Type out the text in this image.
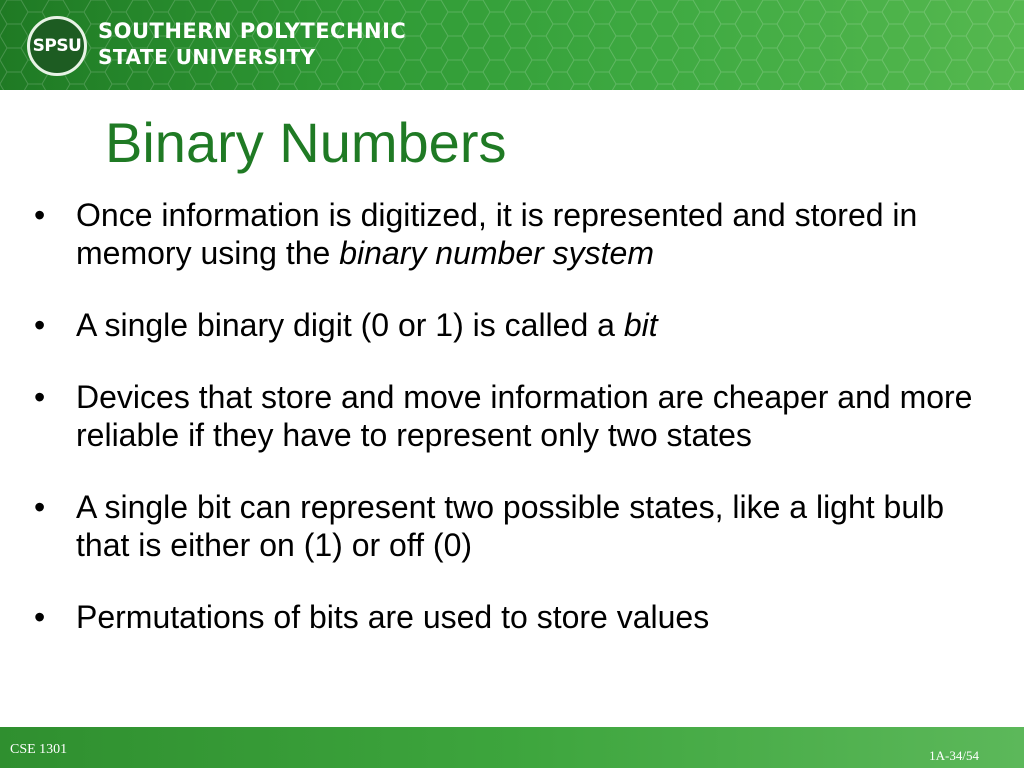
SPSU
SOUTHERN POLYTECHNIC
STATE UNIVERSITY
Binary Numbers
• Once information is digitized, it is represented and stored in memory using the binary number system
• A single binary digit (0 or 1) is called a bit
• Devices that store and move information are cheaper and more reliable if they have to represent only two states
• A single bit can represent two possible states, like a light bulb that is either on (1) or off (0)
• Permutations of bits are used to store values
CSE 1301	1A-34/54
